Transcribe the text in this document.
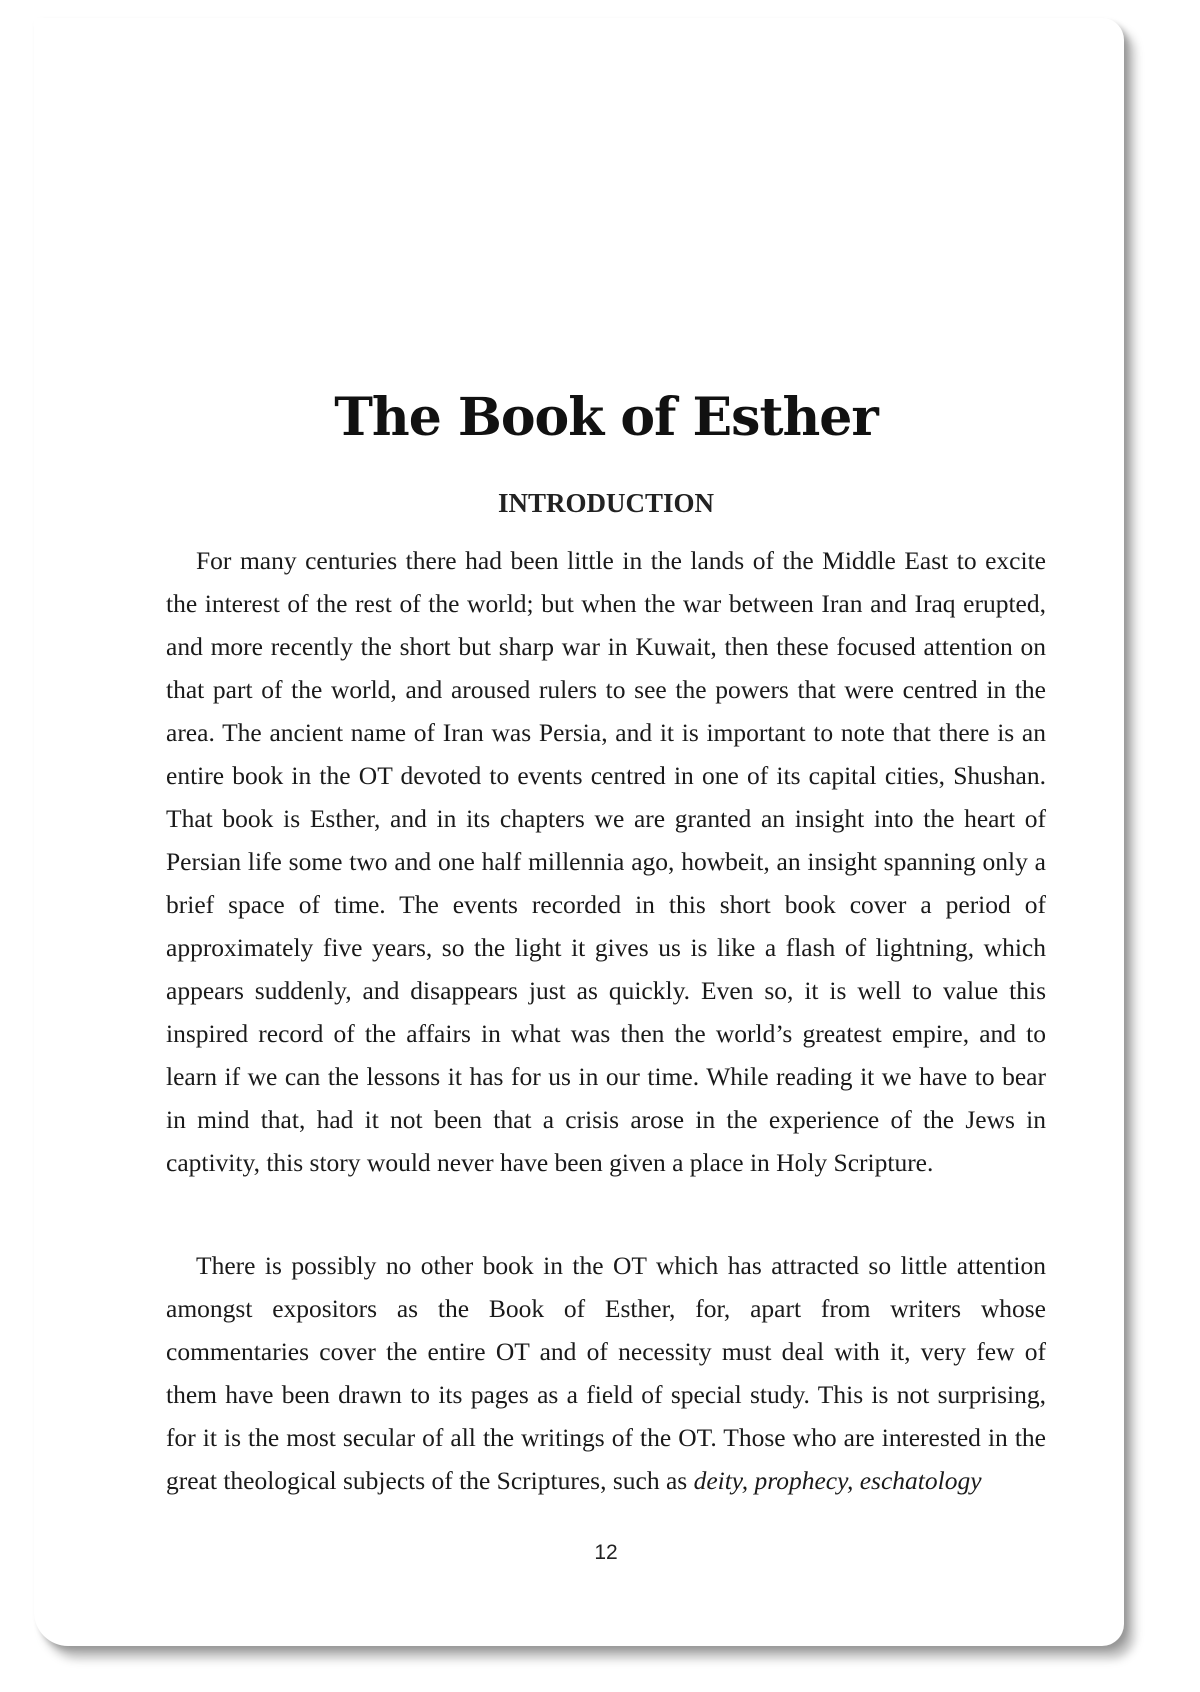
The Book of Esther
INTRODUCTION

For many centuries there had been little in the lands of the Middle East to excite the interest of the rest of the world; but when the war between Iran and Iraq erupted, and more recently the short but sharp war in Kuwait, then these focused attention on that part of the world, and aroused rulers to see the powers that were centred in the area. The ancient name of Iran was Persia, and it is important to note that there is an entire book in the OT devoted to events centred in one of its capital cities, Shushan. That book is Esther, and in its chapters we are granted an insight into the heart of Persian life some two and one half millennia ago, howbeit, an insight spanning only a brief space of time. The events recorded in this short book cover a period of approximately five years, so the light it gives us is like a flash of lightning, which appears suddenly, and disappears just as quickly. Even so, it is well to value this inspired record of the affairs in what was then the world’s greatest empire, and to learn if we can the lessons it has for us in our time. While reading it we have to bear in mind that, had it not been that a crisis arose in the experience of the Jews in captivity, this story would never have been given a place in Holy Scripture.

There is possibly no other book in the OT which has attracted so little attention amongst expositors as the Book of Esther, for, apart from writers whose commentaries cover the entire OT and of necessity must deal with it, very few of them have been drawn to its pages as a field of special study. This is not surprising, for it is the most secular of all the writings of the OT. Those who are interested in the great theological subjects of the Scriptures, such as deity, prophecy, eschatology

12
